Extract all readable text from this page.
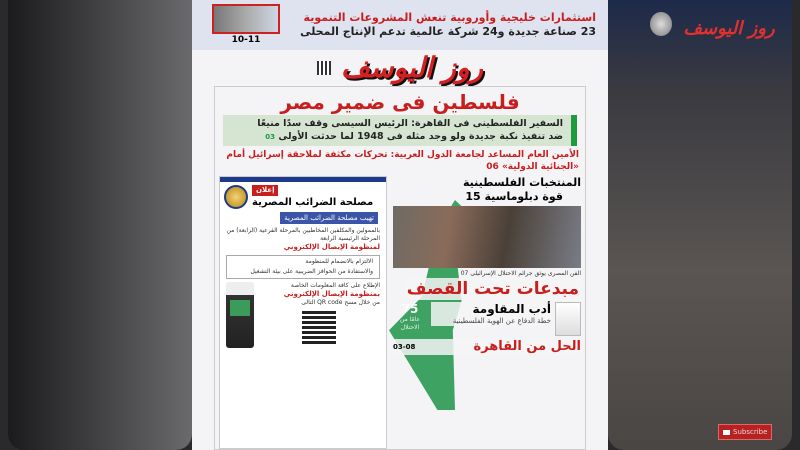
روز اليوسف
Subscribe
10-11
استثمارات خليجية وأوروبية تنعش المشروعات التنموية
23 صناعة جديدة و24 شركة عالمية تدعم الإنتاج المحلى
روز اليوسف
فلسطين فى ضمير مصر
السفير الفلسطينى فى القاهرة: الرئيس السيسى وقف سدًا منيعًا
ضد تنفيذ نكبة جديدة ولو وجد مثله فى 1948 لما حدثت الأولى 03
الأمين العام المساعد لجامعة الدول العربية: تحركات مكثفة لملاحقة إسرائيل أمام «الجنائية الدولية» 06
إعلان
مصلحة الضرائب المصرية
تهيب مصلحة الضرائب المصرية
بالممولين والمكلفين المخاطبين بالمرحلة الفرعية (الرابعة) من المرحلة الرئيسية الرابعة
لمنظومة الإيصال الإلكتروني
الالتزام بالانضمام للمنظومة
والاستفادة من الحوافز الضريبية على بيئة التشغيل
الإطلاع على كافة المعلومات الخاصة
بمنظومة الإيصال الإلكتروني
من خلال مسح QR code التالى
المنتخبات الفلسطينية
قوة دبلوماسية 15
الفن المصرى يوثق جرائم الاحتلال الإسرائيلى 07
مبدعات تحت القصف
75
عامًا من الاحتلال
أدب المقاومة
خطة الدفاع عن الهوية الفلسطينية
03-08	الحل من القاهرة
